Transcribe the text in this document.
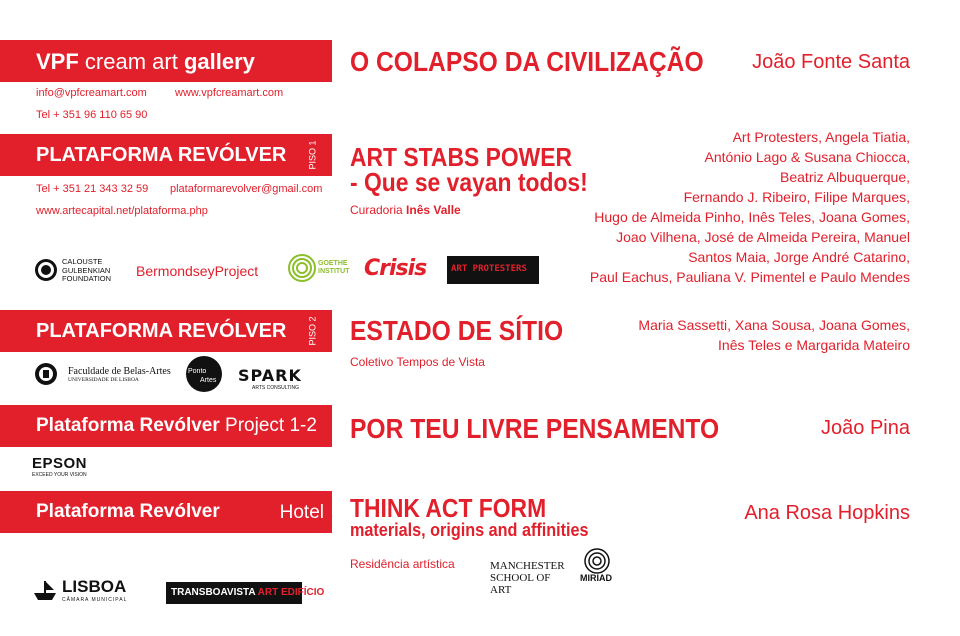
VPF cream art gallery
info@vpfcreamart.com	www.vpfcreamart.com
Tel + 351 96 110 65 90
O COLAPSO DA CIVILIZAÇÃO João Fonte Santa
PLATAFORMA REVÓLVER PISO 1
Tel + 351 21 343 32 59 plataformarevolver@gmail.com
www.artecapital.net/plataforma.php
ART STABS POWER
- Que se vayan todos!
Curadoria Inês Valle
Art Protesters, Angela Tiatia,
António Lago & Susana Chiocca,
Beatriz Albuquerque,
Fernando J. Ribeiro, Filipe Marques,
Hugo de Almeida Pinho, Inês Teles, Joana Gomes,
Joao Vilhena, José de Almeida Pereira, Manuel
Santos Maia, Jorge André Catarino,
Paul Eachus, Pauliana V. Pimentel e Paulo Mendes
CALOUSTE
GULBENKIAN
FOUNDATION BermondseyProject	GOETHE
INSTITUT Crisis	ART PROTESTERS
PLATAFORMA REVÓLVER PISO 2 ESTADO DE SÍTIO
Coletivo Tempos de Vista
Maria Sassetti, Xana Sousa, Joana Gomes,
Inês Teles e Margarida Mateiro
Faculdade de Belas-Artes
UNIVERSIDADE DE LISBOA
Ponto
Artes SPARK
ARTS CONSULTING
Plataforma Revólver Project 1-2 POR TEU LIVRE PENSAMENTO	João Pina
EPSON
EXCEED YOUR VISION
Plataforma Revólver	Hotel THINK ACT FORM
materials, origins and affinities
Residência artística
Ana Rosa Hopkins
MANCHESTER
SCHOOL OF ART
MIRIAD
LISBOA
CÂMARA MUNICIPAL
TRANSBOAVISTA ART EDIFÍCIO
